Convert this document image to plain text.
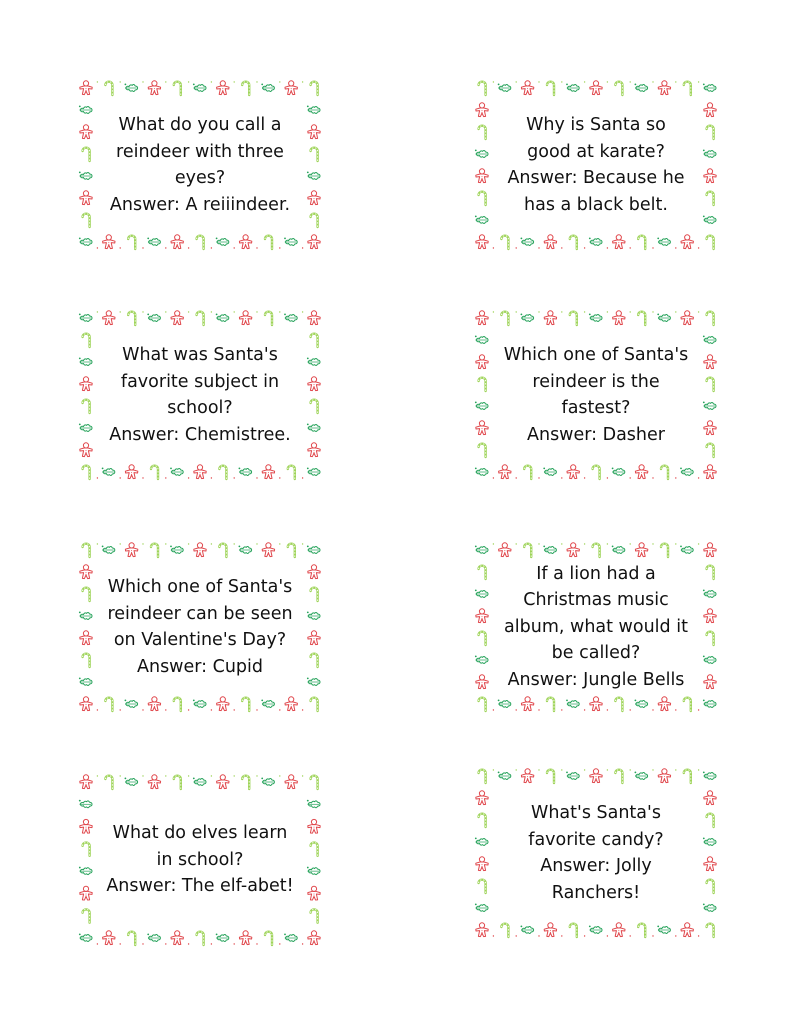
What do you call a reindeer with three eyes?
Answer: A reiiindeer.
Why is Santa so good at karate?
Answer: Because he has a black belt.
What was Santa's favorite subject in school?
Answer: Chemistree.
Which one of Santa's reindeer is the fastest?
Answer: Dasher
Which one of Santa's reindeer can be seen on Valentine's Day?
Answer: Cupid
If a lion had a Christmas music album, what would it be called?
Answer: Jungle Bells
What do elves learn in school?
Answer: The elf-abet!
What's Santa's favorite candy?
Answer: Jolly Ranchers!
